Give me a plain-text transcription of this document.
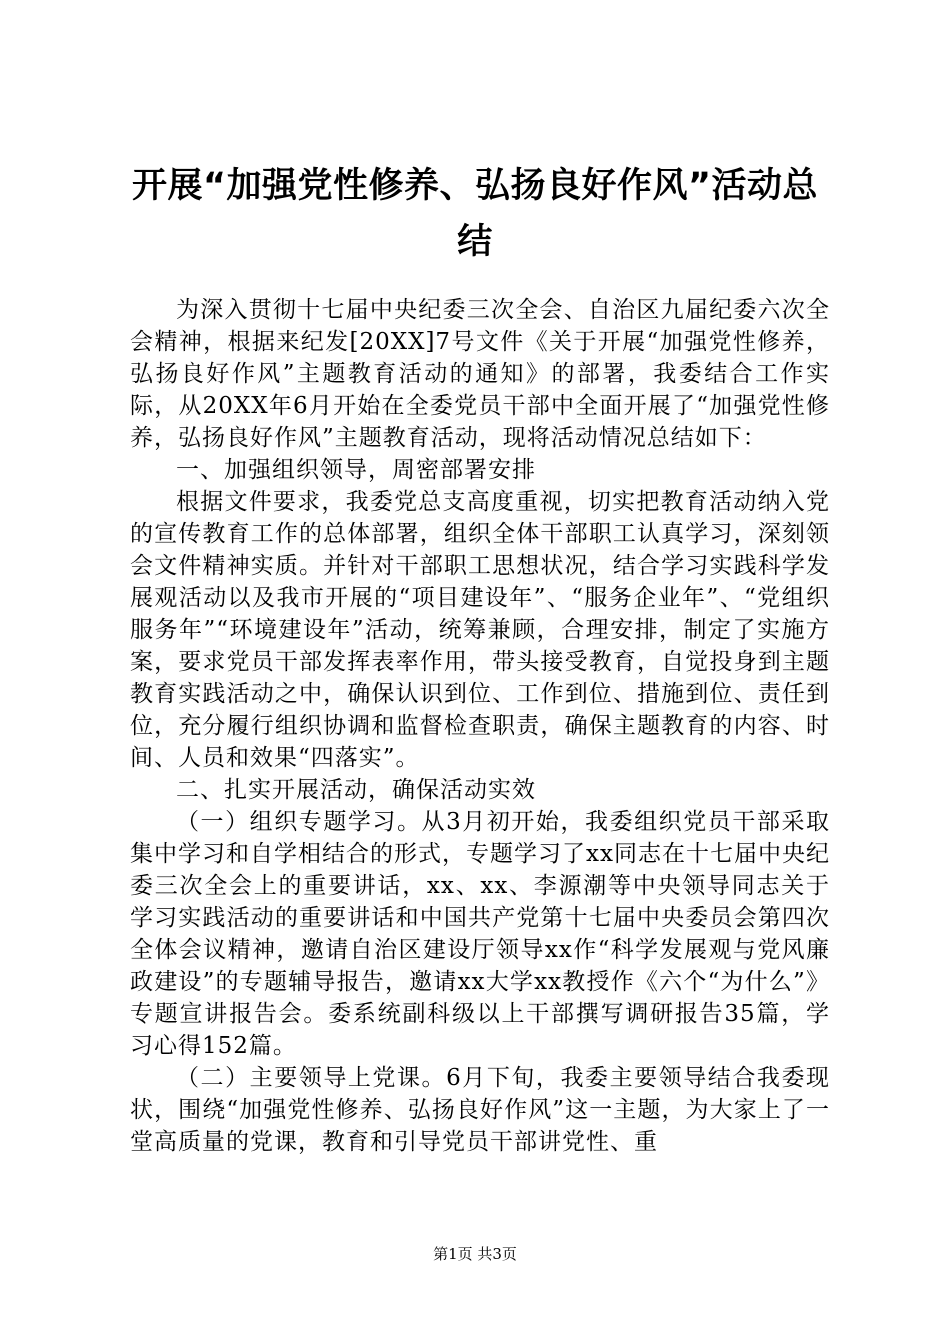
开展“加强党性修养、弘扬良好作风”活动总
结

为深入贯彻十七届中央纪委三次全会、自治区九届纪委六次全会精神，根据来纪发[20XX]7号文件《关于开展“加强党性修养，弘扬良好作风”主题教育活动的通知》的部署，我委结合工作实际，从20XX年6月开始在全委党员干部中全面开展了“加强党性修养，弘扬良好作风”主题教育活动，现将活动情况总结如下：

一、加强组织领导，周密部署安排

根据文件要求，我委党总支高度重视，切实把教育活动纳入党的宣传教育工作的总体部署，组织全体干部职工认真学习，深刻领会文件精神实质。并针对干部职工思想状况，结合学习实践科学发展观活动以及我市开展的“项目建设年”、“服务企业年”、“党组织服务年”“环境建设年”活动，统筹兼顾，合理安排，制定了实施方案，要求党员干部发挥表率作用，带头接受教育，自觉投身到主题教育实践活动之中，确保认识到位、工作到位、措施到位、责任到位，充分履行组织协调和监督检查职责，确保主题教育的内容、时间、人员和效果“四落实”。

二、扎实开展活动，确保活动实效

（一）组织专题学习。从3月初开始，我委组织党员干部采取集中学习和自学相结合的形式，专题学习了xx同志在十七届中央纪委三次全会上的重要讲话，xx、xx、李源潮等中央领导同志关于学习实践活动的重要讲话和中国共产党第十七届中央委员会第四次全体会议精神，邀请自治区建设厅领导xx作“科学发展观与党风廉政建设”的专题辅导报告，邀请xx大学xx教授作《六个“为什么”》专题宣讲报告会。委系统副科级以上干部撰写调研报告35篇，学习心得152篇。

（二）主要领导上党课。6月下旬，我委主要领导结合我委现状，围绕“加强党性修养、弘扬良好作风”这一主题，为大家上了一堂高质量的党课，教育和引导党员干部讲党性、重

第1页 共3页
